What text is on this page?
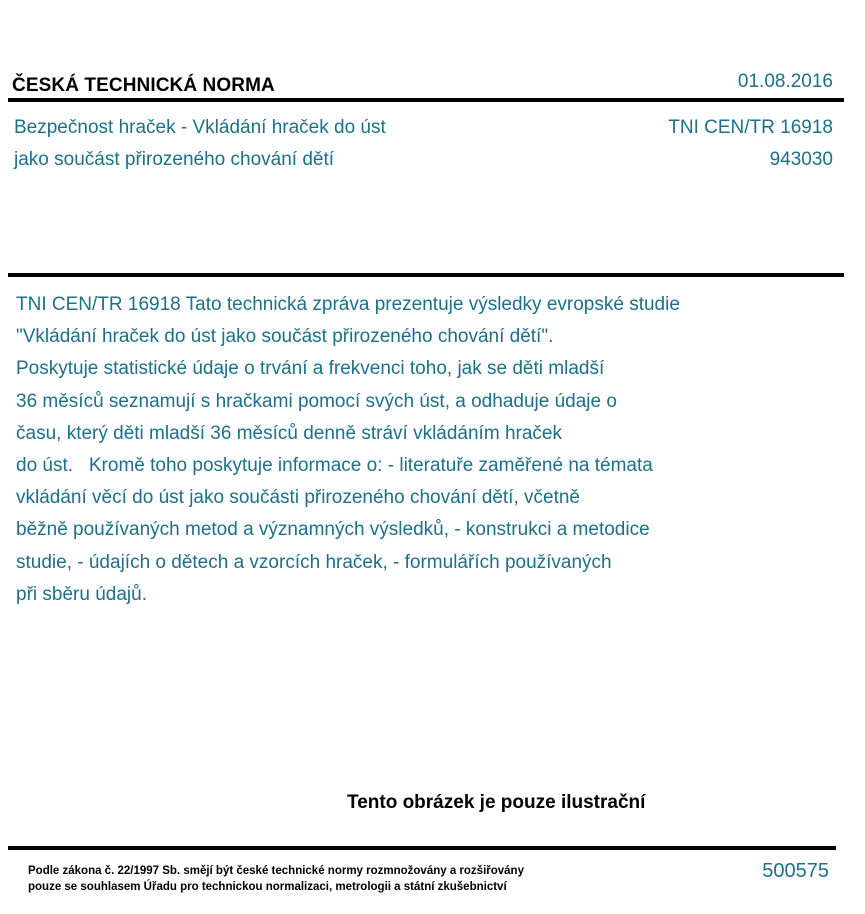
ČESKÁ TECHNICKÁ NORMA	01.08.2016
Bezpečnost hraček - Vkládání hraček do úst
jako součást přirozeného chování dětí
TNI CEN/TR 16918
943030
TNI CEN/TR 16918 Tato technická zpráva prezentuje výsledky evropské studie
"Vkládání hraček do úst jako součást přirozeného chování dětí".
Poskytuje statistické údaje o trvání a frekvenci toho, jak se děti mladší
36 měsíců seznamují s hračkami pomocí svých úst, a odhaduje údaje o
času, který děti mladší 36 měsíců denně stráví vkládáním hraček
do úst.   Kromě toho poskytuje informace o: - literatuře zaměřené na témata
vkládání věcí do úst jako součásti přirozeného chování dětí, včetně
běžně používaných metod a významných výsledků, - konstrukci a metodice
studie, - údajích o dětech a vzorcích hraček, - formulářích používaných
při sběru údajů.
Tento obrázek je pouze ilustrační
Podle zákona č. 22/1997 Sb. smějí být české technické normy rozmnožovány a rozšiřovány
pouze se souhlasem Úřadu pro technickou normalizaci, metrologii a státní zkušebnictví
500575
